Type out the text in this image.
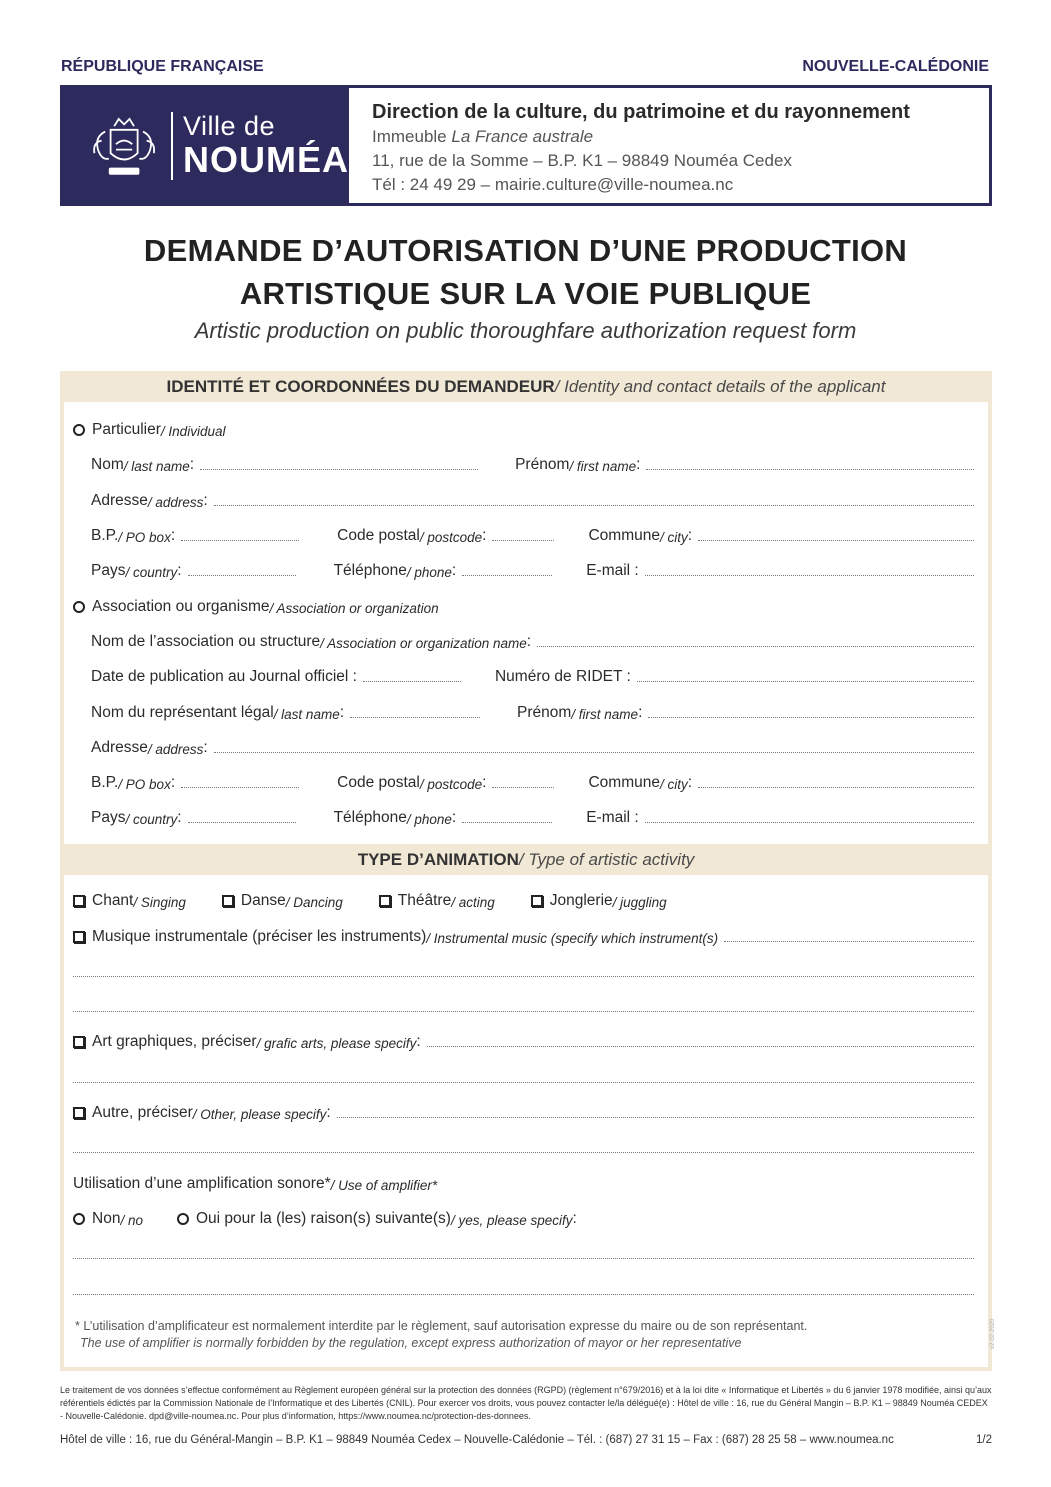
RÉPUBLIQUE FRANÇAISE	NOUVELLE-CALÉDONIE
Ville de
NOUMÉA
Direction de la culture, du patrimoine et du rayonnement
Immeuble La France australe
11, rue de la Somme – B.P. K1 – 98849 Nouméa Cedex
Tél : 24 49 29 – mairie.culture@ville-noumea.nc
DEMANDE D’AUTORISATION D’UNE PRODUCTION
ARTISTIQUE SUR LA VOIE PUBLIQUE
Artistic production on public thoroughfare authorization request form
IDENTITÉ ET COORDONNÉES DU DEMANDEUR / Identity and contact details of the applicant
Particulier / Individual
Nom / last name :	Prénom / first name :
Adresse / address :
B.P. / PO box :	Code postal / postcode :	Commune / city :
Pays / country :	Téléphone / phone :	E-mail :
Association ou organisme / Association or organization
Nom de l’association ou structure / Association or organization name :
Date de publication au Journal officiel :	Numéro de RIDET :
Nom du représentant légal / last name :	Prénom / first name :
Adresse / address :
B.P. / PO box :	Code postal / postcode :	Commune / city :
Pays / country :	Téléphone / phone :	E-mail :
TYPE D’ANIMATION / Type of artistic activity
Chant / Singing	Danse / Dancing	Théâtre / acting	Jonglerie / juggling
Musique instrumentale (préciser les instruments) / Instrumental music (specify which instrument(s)
Art graphiques, préciser / grafic arts, please specify :
Autre, préciser / Other, please specify :
Utilisation d’une amplification sonore* / Use of amplifier*
Non / no	Oui pour la (les) raison(s) suivante(s) / yes, please specify :
* L’utilisation d’amplificateur est normalement interdite par le règlement, sauf autorisation expresse du maire ou de son représentant.
The use of amplifier is normally forbidden by the regulation, except express authorization of mayor or her representative	v2-02-2020
Le traitement de vos données s’effectue conformément au Règlement européen général sur la protection des données (RGPD) (règlement n°679/2016) et à la loi dite « Informatique et Libertés » du 6 janvier 1978 modifiée, ainsi qu’aux référentiels édictés par la Commission Nationale de l’Informatique et des Libertés (CNIL). Pour exercer vos droits, vous pouvez contacter le/la délégué(e) : Hôtel de ville : 16, rue du Général Mangin – B.P. K1 – 98849 Nouméa CEDEX - Nouvelle-Calédonie. dpd@ville-noumea.nc. Pour plus d’information, https://www.noumea.nc/protection-des-donnees.
Hôtel de ville : 16, rue du Général-Mangin – B.P. K1 – 98849 Nouméa Cedex – Nouvelle-Calédonie – Tél. : (687) 27 31 15 – Fax : (687) 28 25 58 – www.noumea.nc	1/2
